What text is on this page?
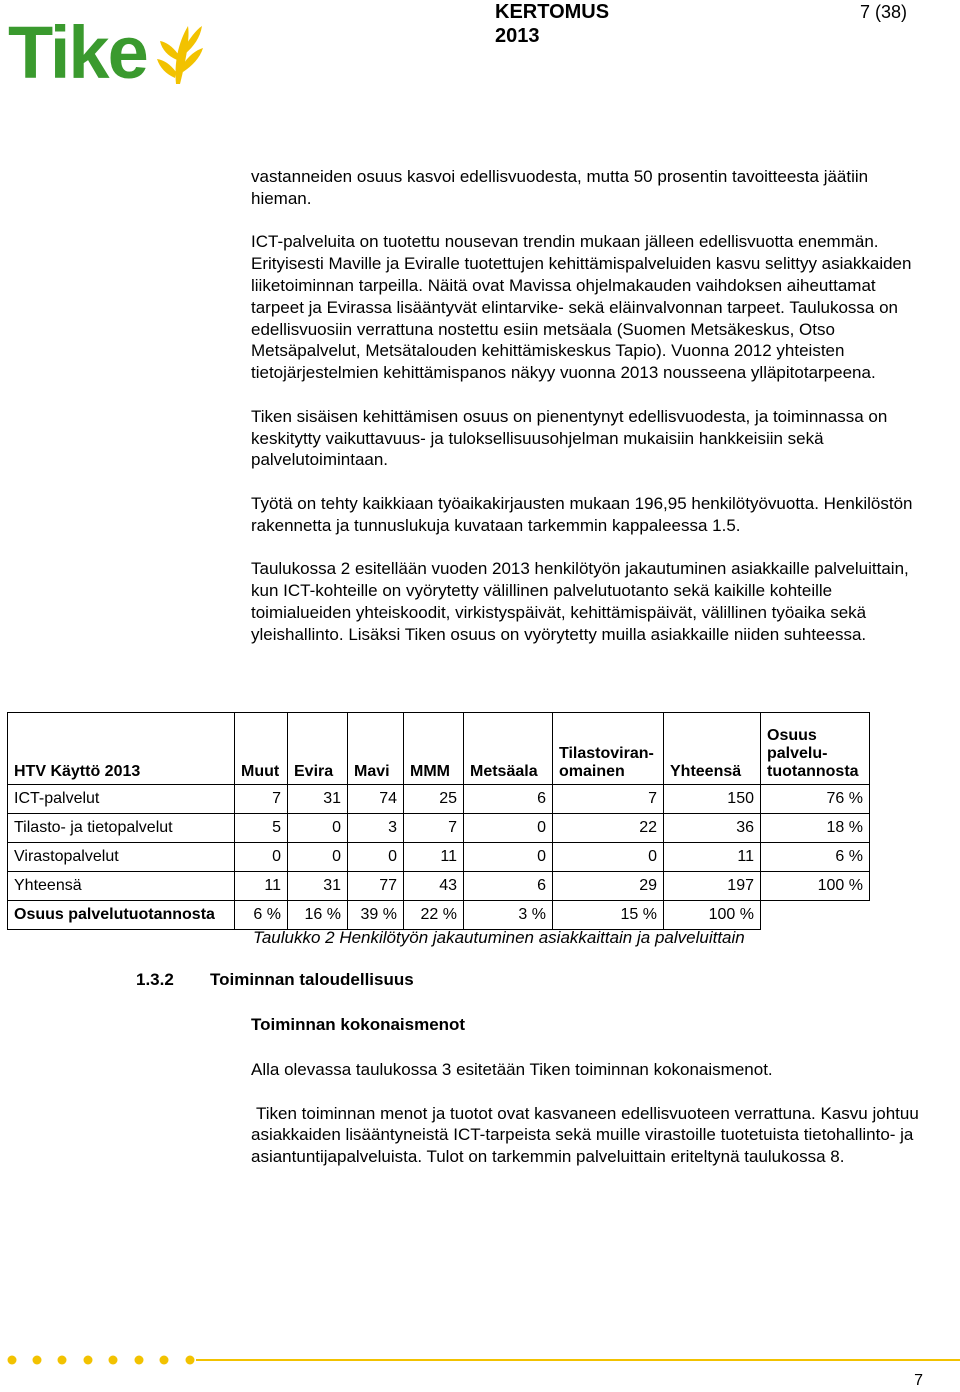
Tike	KERTOMUS
2013
7 (38)

vastanneiden osuus kasvoi edellisvuodesta, mutta 50 prosentin tavoitteesta jäätiin hieman.

ICT-palveluita on tuotettu nousevan trendin mukaan jälleen edellisvuotta enemmän. Erityisesti Maville ja Eviralle tuotettujen kehittämispalveluiden kasvu selittyy asiakkaiden liiketoiminnan tarpeilla. Näitä ovat Mavissa ohjelmakauden vaihdoksen aiheuttamat tarpeet ja Evirassa lisääntyvät elintarvike- sekä eläinvalvonnan tarpeet. Taulukossa on edellisvuosiin verrattuna nostettu esiin metsäala (Suomen Metsäkeskus, Otso Metsäpalvelut, Metsätalouden kehittämiskeskus Tapio). Vuonna 2012 yhteisten tietojärjestelmien kehittämispanos näkyy vuonna 2013 nousseena ylläpitotarpeena.

Tiken sisäisen kehittämisen osuus on pienentynyt edellisvuodesta, ja toiminnassa on keskitytty vaikuttavuus- ja tuloksellisuusohjelman mukaisiin hankkeisiin sekä palvelutoimintaan.

Työtä on tehty kaikkiaan työaikakirjausten mukaan 196,95 henkilötyövuotta. Henkilöstön rakennetta ja tunnuslukuja kuvataan tarkemmin kappaleessa 1.5.

Taulukossa 2 esitellään vuoden 2013 henkilötyön jakautuminen asiakkaille palveluittain, kun ICT-kohteille on vyörytetty välillinen palvelutuotanto sekä kaikille kohteille toimialueiden yhteiskoodit, virkistyspäivät, kehittämispäivät, välillinen työaika sekä yleishallinto. Lisäksi Tiken osuus on vyörytetty muilla asiakkaille niiden suhteessa.

HTV Käyttö 2013	Muut	Evira	Mavi	MMM	Metsäala	Tilastoviran-omainen	Yhteensä	Osuus palvelu-tuotannosta
ICT-palvelut	7	31	74	25	6	7	150	76 %
Tilasto- ja tietopalvelut	5	0	3	7	0	22	36	18 %
Virastopalvelut	0	0	0	11	0	0	11	6 %
Yhteensä	11	31	77	43	6	29	197	100 %
Osuus palvelutuotannosta	6 %	16 %	39 %	22 %	3 %	15 %	100 %	
Taulukko 2 Henkilötyön jakautuminen asiakkaittain ja palveluittain
1.3.2 Toiminnan taloudellisuus
Toiminnan kokonaismenot

Alla olevassa taulukossa 3 esitetään Tiken toiminnan kokonaismenot.

Tiken toiminnan menot ja tuotot ovat kasvaneen edellisvuoteen verrattuna. Kasvu johtuu asiakkaiden lisääntyneistä ICT-tarpeista sekä muille virastoille tuotetuista tietohallinto- ja asiantuntijapalveluista. Tulot on tarkemmin palveluittain eriteltynä taulukossa 8.

7
